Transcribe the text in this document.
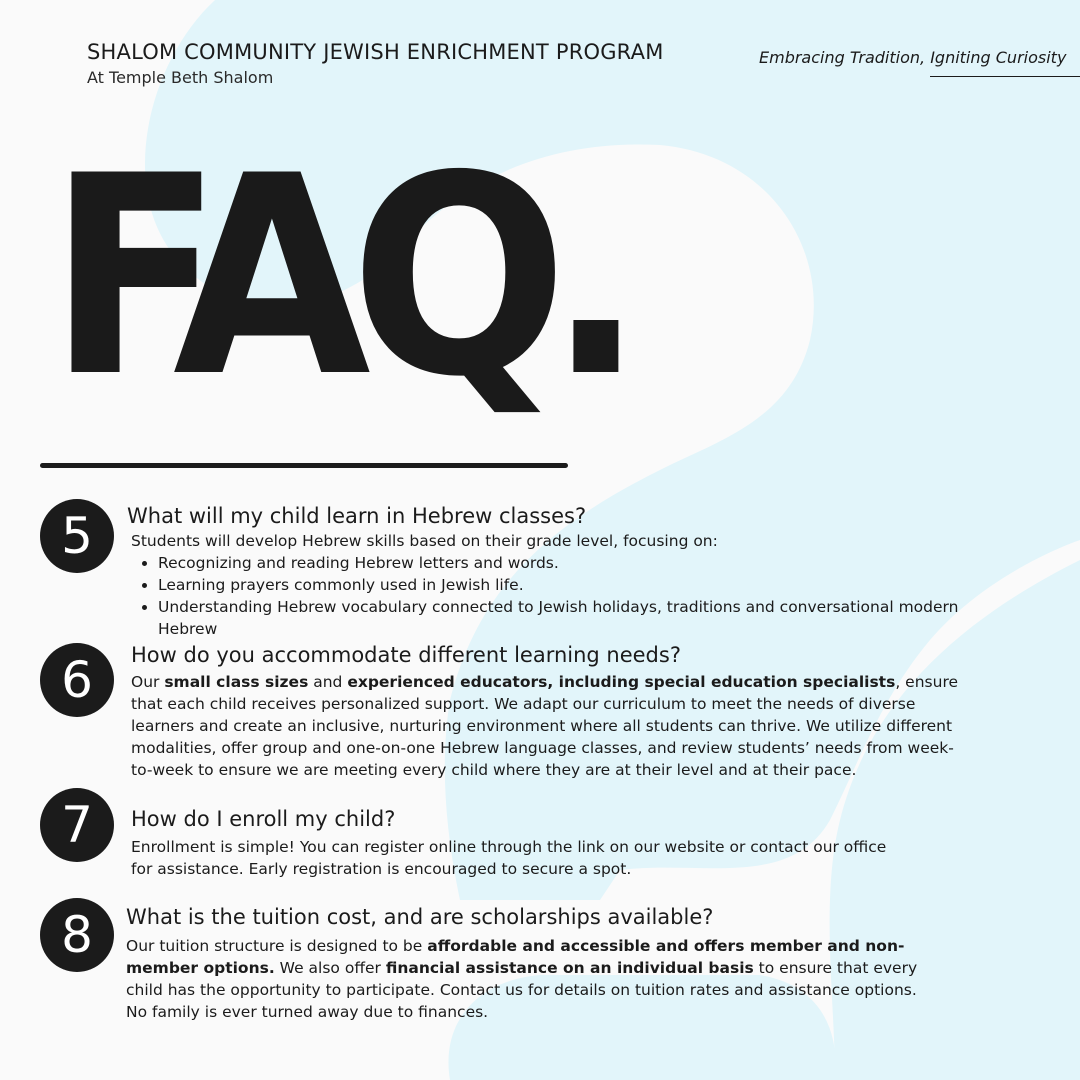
SHALOM COMMUNITY JEWISH ENRICHMENT PROGRAM
At Temple Beth Shalom
Embracing Tradition, Igniting Curiosity
FAQ.
5	What will my child learn in Hebrew classes?
Students will develop Hebrew skills based on their grade level, focusing on:
• Recognizing and reading Hebrew letters and words.
• Learning prayers commonly used in Jewish life.
• Understanding Hebrew vocabulary connected to Jewish holidays, traditions and conversational modern Hebrew
6	How do you accommodate different learning needs?
Our small class sizes and experienced educators, including special education specialists, ensure that each child receives personalized support. We adapt our curriculum to meet the needs of diverse learners and create an inclusive, nurturing environment where all students can thrive. We utilize different modalities, offer group and one-on-one Hebrew language classes, and review students’ needs from week-to-week to ensure we are meeting every child where they are at their level and at their pace.
7	How do I enroll my child?
Enrollment is simple! You can register online through the link on our website or contact our office for assistance. Early registration is encouraged to secure a spot.
8	What is the tuition cost, and are scholarships available?
Our tuition structure is designed to be affordable and accessible and offers member and non-member options. We also offer financial assistance on an individual basis to ensure that every child has the opportunity to participate. Contact us for details on tuition rates and assistance options. No family is ever turned away due to finances.
